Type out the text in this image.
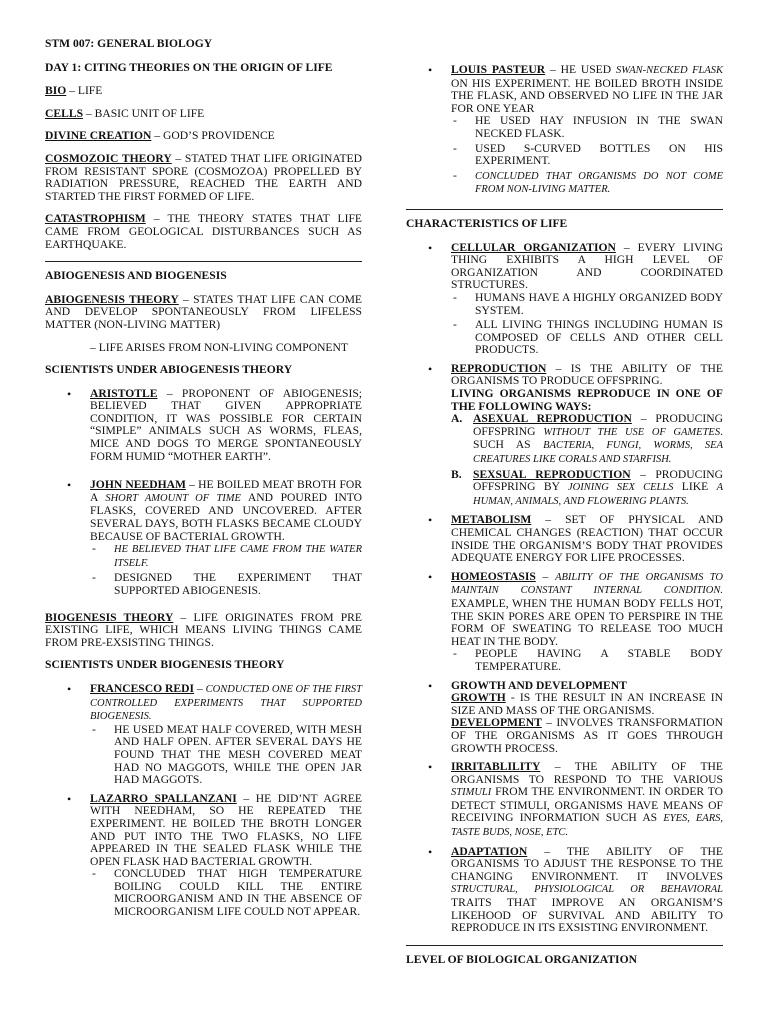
STM 007: GENERAL BIOLOGY

DAY 1: CITING THEORIES ON THE ORIGIN OF LIFE

BIO – LIFE

CELLS – BASIC UNIT OF LIFE

DIVINE CREATION – GOD’S PROVIDENCE

COSMOZOIC THEORY – STATED THAT LIFE ORIGINATED FROM RESISTANT SPORE (COSMOZOA) PROPELLED BY RADIATION PRESSURE, REACHED THE EARTH AND STARTED THE FIRST FORMED OF LIFE.

CATASTROPHISM – THE THEORY STATES THAT LIFE CAME FROM GEOLOGICAL DISTURBANCES SUCH AS EARTHQUAKE.

ABIOGENESIS AND BIOGENESIS

ABIOGENESIS THEORY – STATES THAT LIFE CAN COME AND DEVELOP SPONTANEOUSLY FROM LIFELESS MATTER (NON-LIVING MATTER)

– LIFE ARISES FROM NON-LIVING COMPONENT

SCIENTISTS UNDER ABIOGENESIS THEORY

• ARISTOTLE – PROPONENT OF ABIOGENESIS; BELIEVED THAT GIVEN APPROPRIATE CONDITION, IT WAS POSSIBLE FOR CERTAIN “SIMPLE” ANIMALS SUCH AS WORMS, FLEAS, MICE AND DOGS TO MERGE SPONTANEOUSLY FORM HUMID “MOTHER EARTH”.
• JOHN NEEDHAM – HE BOILED MEAT BROTH FOR A SHORT AMOUNT OF TIME AND POURED INTO FLASKS, COVERED AND UNCOVERED. AFTER SEVERAL DAYS, BOTH FLASKS BECAME CLOUDY BECAUSE OF BACTERIAL GROWTH.
- HE BELIEVED THAT LIFE CAME FROM THE WATER ITSELF.
- DESIGNED THE EXPERIMENT THAT SUPPORTED ABIOGENESIS.

BIOGENESIS THEORY – LIFE ORIGINATES FROM PRE EXISTING LIFE, WHICH MEANS LIVING THINGS CAME FROM PRE-EXSISTING THINGS.

SCIENTISTS UNDER BIOGENESIS THEORY

• FRANCESCO REDI – CONDUCTED ONE OF THE FIRST CONTROLLED EXPERIMENTS THAT SUPPORTED BIOGENESIS.
- HE USED MEAT HALF COVERED, WITH MESH AND HALF OPEN. AFTER SEVERAL DAYS HE FOUND THAT THE MESH COVERED MEAT HAD NO MAGGOTS, WHILE THE OPEN JAR HAD MAGGOTS.
• LAZARRO SPALLANZANI – HE DID’NT AGREE WITH NEEDHAM, SO HE REPEATED THE EXPERIMENT. HE BOILED THE BROTH LONGER AND PUT INTO THE TWO FLASKS, NO LIFE APPEARED IN THE SEALED FLASK WHILE THE OPEN FLASK HAD BACTERIAL GROWTH.
- CONCLUDED THAT HIGH TEMPERATURE BOILING COULD KILL THE ENTIRE MICROORGANISM AND IN THE ABSENCE OF MICROORGANISM LIFE COULD NOT APPEAR.
• LOUIS PASTEUR – HE USED SWAN-NECKED FLASK ON HIS EXPERIMENT. HE BOILED BROTH INSIDE THE FLASK, AND OBSERVED NO LIFE IN THE JAR FOR ONE YEAR
- HE USED HAY INFUSION IN THE SWAN NECKED FLASK.
- USED S-CURVED BOTTLES ON HIS EXPERIMENT.
- CONCLUDED THAT ORGANISMS DO NOT COME FROM NON-LIVING MATTER.

CHARACTERISTICS OF LIFE

• CELLULAR ORGANIZATION – EVERY LIVING THING EXHIBITS A HIGH LEVEL OF ORGANIZATION AND COORDINATED STRUCTURES.
- HUMANS HAVE A HIGHLY ORGANIZED BODY SYSTEM.
- ALL LIVING THINGS INCLUDING HUMAN IS COMPOSED OF CELLS AND OTHER CELL PRODUCTS.
• REPRODUCTION – IS THE ABILITY OF THE ORGANISMS TO PRODUCE OFFSPRING.
LIVING ORGANISMS REPRODUCE IN ONE OF THE FOLLOWING WAYS:
A. ASEXUAL REPRODUCTION – PRODUCING OFFSPRING WITHOUT THE USE OF GAMETES. SUCH AS BACTERIA, FUNGI, WORMS, SEA CREATURES LIKE CORALS AND STARFISH.
B. SEXSUAL REPRODUCTION – PRODUCING OFFSPRING BY JOINING SEX CELLS LIKE A HUMAN, ANIMALS, AND FLOWERING PLANTS.
• METABOLISM – SET OF PHYSICAL AND CHEMICAL CHANGES (REACTION) THAT OCCUR INSIDE THE ORGANISM’S BODY THAT PROVIDES ADEQUATE ENERGY FOR LIFE PROCESSES.
• HOMEOSTASIS – ABILITY OF THE ORGANISMS TO MAINTAIN CONSTANT INTERNAL CONDITION. EXAMPLE, WHEN THE HUMAN BODY FELLS HOT, THE SKIN PORES ARE OPEN TO PERSPIRE IN THE FORM OF SWEATING TO RELEASE TOO MUCH HEAT IN THE BODY.
- PEOPLE HAVING A STABLE BODY TEMPERATURE.
• GROWTH AND DEVELOPMENT
GROWTH - IS THE RESULT IN AN INCREASE IN SIZE AND MASS OF THE ORGANISMS.
DEVELOPMENT – INVOLVES TRANSFORMATION OF THE ORGANISMS AS IT GOES THROUGH GROWTH PROCESS.
• IRRITABLILITY – THE ABILITY OF THE ORGANISMS TO RESPOND TO THE VARIOUS STIMULI FROM THE ENVIRONMENT. IN ORDER TO DETECT STIMULI, ORGANISMS HAVE MEANS OF RECEIVING INFORMATION SUCH AS EYES, EARS, TASTE BUDS, NOSE, ETC.
• ADAPTATION – THE ABILITY OF THE ORGANISMS TO ADJUST THE RESPONSE TO THE CHANGING ENVIRONMENT. IT INVOLVES STRUCTURAL, PHYSIOLOGICAL OR BEHAVIORAL TRAITS THAT IMPROVE AN ORGANISM’S LIKEHOOD OF SURVIVAL AND ABILITY TO REPRODUCE IN ITS EXSISTING ENVIRONMENT.

LEVEL OF BIOLOGICAL ORGANIZATION
